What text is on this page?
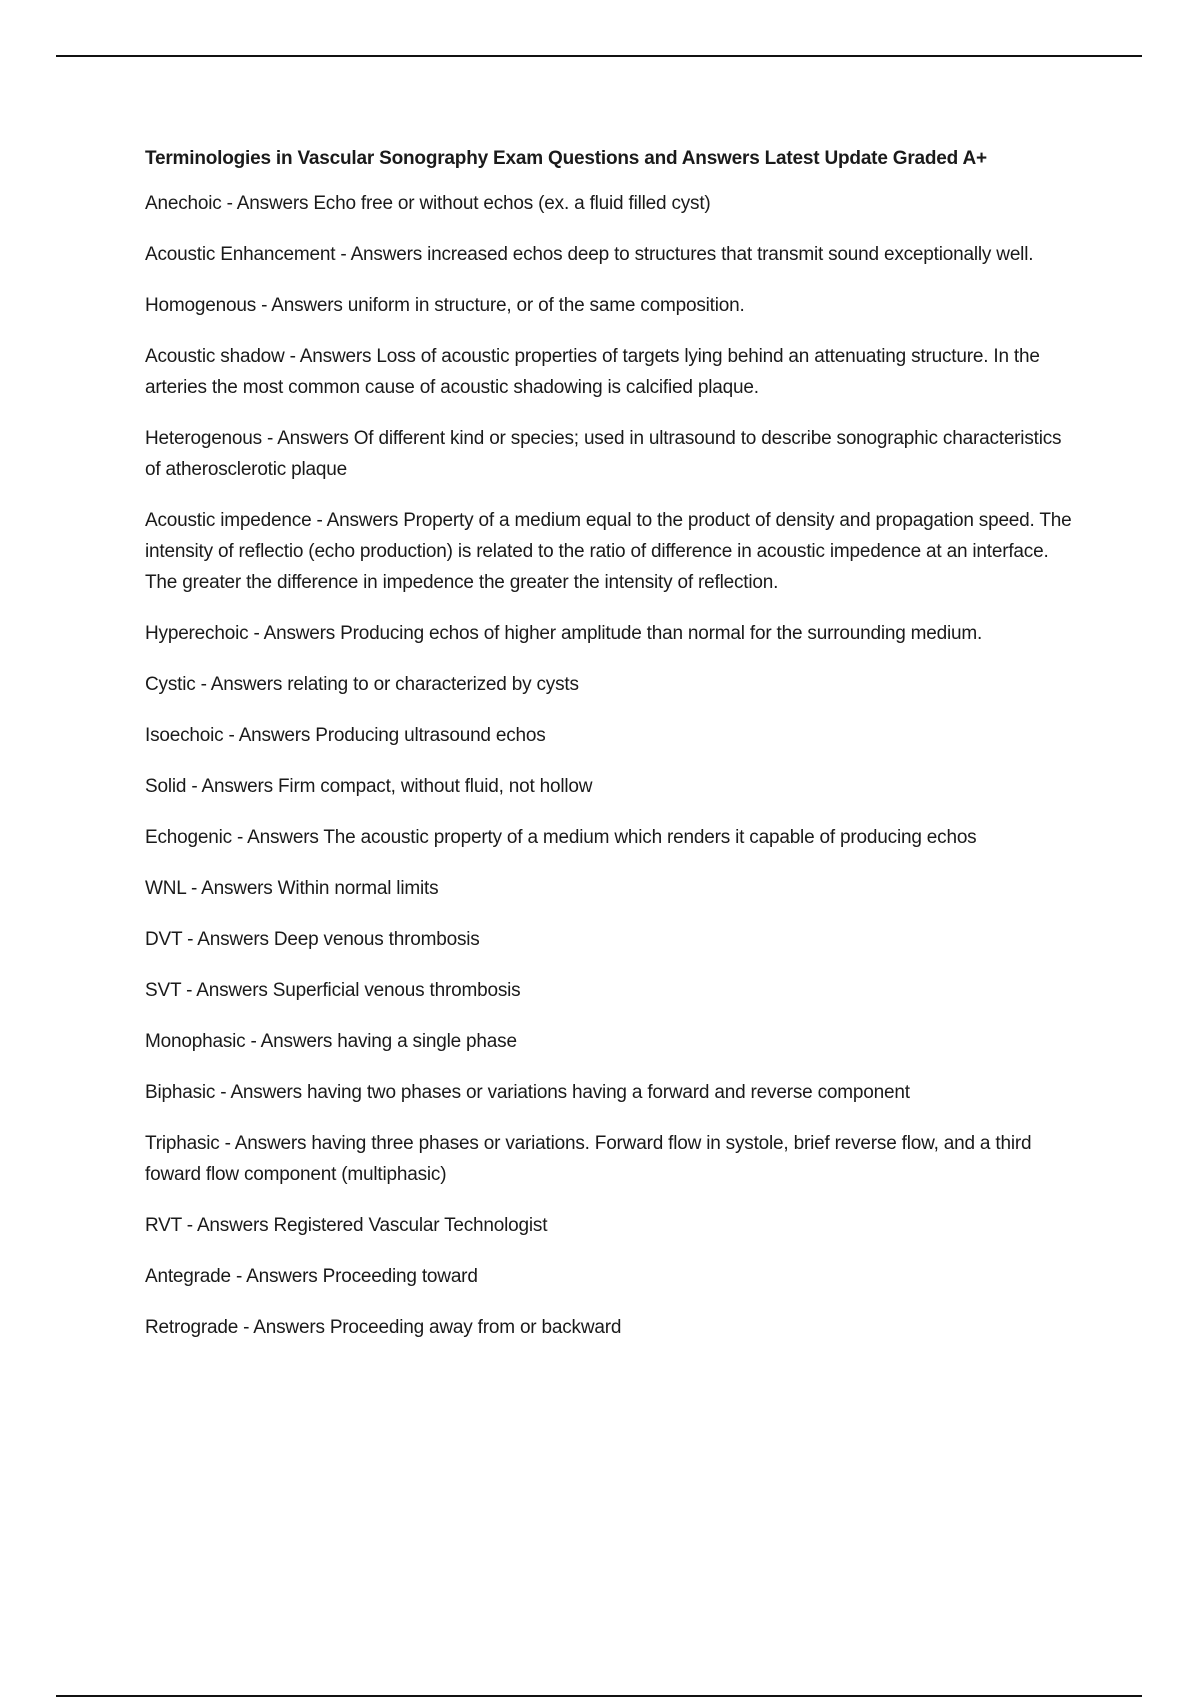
Terminologies in Vascular Sonography Exam Questions and Answers Latest Update Graded A+
Anechoic - Answers Echo free or without echos (ex. a fluid filled cyst)
Acoustic Enhancement - Answers increased echos deep to structures that transmit sound exceptionally well.
Homogenous - Answers uniform in structure, or of the same composition.
Acoustic shadow - Answers Loss of acoustic properties of targets lying behind an attenuating structure. In the arteries the most common cause of acoustic shadowing is calcified plaque.
Heterogenous - Answers Of different kind or species; used in ultrasound to describe sonographic characteristics of atherosclerotic plaque
Acoustic impedence - Answers Property of a medium equal to the product of density and propagation speed. The intensity of reflectio (echo production) is related to the ratio of difference in acoustic impedence at an interface. The greater the difference in impedence the greater the intensity of reflection.
Hyperechoic - Answers Producing echos of higher amplitude than normal for the surrounding medium.
Cystic - Answers relating to or characterized by cysts
Isoechoic - Answers Producing ultrasound echos
Solid - Answers Firm compact, without fluid, not hollow
Echogenic - Answers The acoustic property of a medium which renders it capable of producing echos
WNL - Answers Within normal limits
DVT - Answers Deep venous thrombosis
SVT - Answers Superficial venous thrombosis
Monophasic - Answers having a single phase
Biphasic - Answers having two phases or variations having a forward and reverse component
Triphasic - Answers having three phases or variations. Forward flow in systole, brief reverse flow, and a third foward flow component (multiphasic)
RVT - Answers Registered Vascular Technologist
Antegrade - Answers Proceeding toward
Retrograde - Answers Proceeding away from or backward
